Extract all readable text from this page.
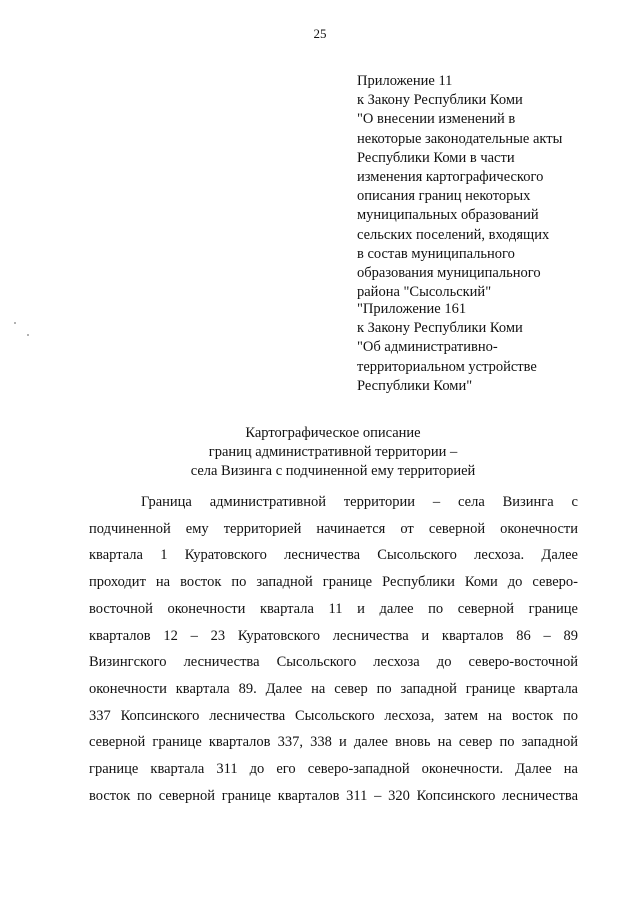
25
Приложение 11
к Закону Республики Коми
"О внесении изменений в
некоторые законодательные акты
Республики Коми в части
изменения картографического
описания границ некоторых
муниципальных образований
сельских поселений, входящих
в состав муниципального
образования муниципального
района "Сысольский"
"Приложение 161
к Закону Республики Коми
"Об административно-
территориальном устройстве
Республики Коми"
Картографическое описание
границ административной территории –
села Визинга с подчиненной ему территорией
Граница административной территории – села Визинга с
подчиненной ему территорией начинается от северной оконечности
квартала 1 Куратовского лесничества Сысольского лесхоза. Далее
проходит на восток по западной границе Республики Коми до северо-
восточной оконечности квартала 11 и далее по северной границе
кварталов 12 – 23 Куратовского лесничества и кварталов 86 – 89
Визингского лесничества Сысольского лесхоза до северо-восточной
оконечности квартала 89. Далее на север по западной границе квартала
337 Копсинского лесничества Сысольского лесхоза, затем на восток по
северной границе кварталов 337, 338 и далее вновь на север по западной
границе квартала 311 до его северо-западной оконечности. Далее на
восток по северной границе кварталов 311 – 320 Копсинского лесничества
